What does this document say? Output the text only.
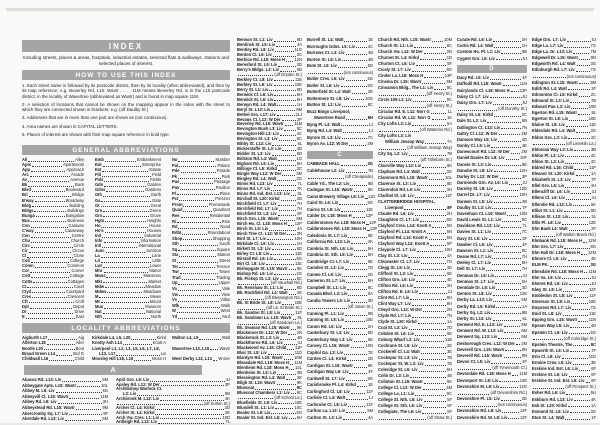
INDEX
Including streets, places & areas, hospitals, industrial estates, selected flats & walkways, stations and selected places of interest.
HOW TO USE THIS INDEX
1. Each street name is followed by its postcode district, then by its locality (often abbreviated), and then by its map reference; e.g. Beverley Rd. L15: Wavtr . . . . 11M means Beverley Rd. is in the L15 postcode district, in the locality of Wavertree (abbreviated as Wavtr) and is found in map square 11M.
2. A selection of locations that cannot be shown on the mapping appear in the index with the street to which they are connected shown in brackets; e.g. (off Daulby St.)
3. Addresses that are in more than one part are shown as (not continuous).
4. Area names are shown in CAPITAL LETTERS.
5. Places of interest are shown with their map square reference in bold type.
GENERAL ABBREVIATIONS
All	Alley
Apts	Apartments
App	Approach
Arc	Arcade
Av	Avenue
Bk	Back
Blvd	Boulevard
Bri	Bridge
B'way	Broadway
Bldg	Building
Bldgs	Buildings
Bunga	Bungalow
Bus	Business
Cvn	Caravan
C'way	Causeway
Cen	Centre
Chu	Church
Circ	Circle
Cir	Circus
Cl	Close
Coll	College
Comn	Common
Cor	Corner
Cott	Cottage
Cotts	Cottages
Ct	Court
Ctyd	Courtyard
Cres	Crescent
Cft	Croft
Dpt	Depot
Dr	Drive
E	East
Emb	Embankment
Ent	Enterprise
Est	Estate
Fld	Field
Flds	Fields
Gdn	Garden
Gdns	Gardens
Gth	Garth
Ga	Gate
Gt	Great
Grn	Green
Gro	Grove
Hgts	Heights
Ho	House
Ho's	Houses
Ind	Industrial
Info	Information
Intl	International
Junc	Junction
La	Lane
Lit	Little
Lwr	Lower
Mnr	Manor
Mans	Mansions
Mkt	Market
Mdw	Meadow
Mdws	Meadows
M	Mews
Mt	Mount
Mus	Museum
Nat	National
Nth	North
No	Number
Pal	Palace
Pde	Parade
Pk	Park
Pas	Passage
Pav	Pavilion
Pl	Place
Pct	Precinct
Prom	Promenade
Quad	Quadrant
Res	Residential
Ri	Rise
Rd	Road
Rdbt	Roundabout
Shop	Shopping
Sth	South
Sq	Square
Sta	Station
St	Street
Ter	Terrace
Twr	Tower
Trad	Trading
Up	Upper
Va	Vale
Vw	View
Vs	Villas
Wlk	Walk
W	West
Yd	Yard
LOCALITY ABBREVIATIONS
Aigburth L17	Aig
Allerton L18	Aller
Bootle L20	Boot
Broad Green L14	Brd G
Childwall L16	Child
Kirkdale L4, L5, L20	Kirkd
Knotty Ash L14	Knott A
Liverpool L1, L2, L3, L5, L6, L7, L8,
L13, L17	Liv
Mossley Hill L18, L19	Moss H
Walton L4, L9	Walt
Wavertree L13, L15	Wavtr
West Derby L12, L13 W Der
A
Abacus Rd. L13: Liv	5M
Abbeygate Apts. L15: Wavtr	10L
Abbey M. L6: Liv	5G
Abbeyvill Cl. L15: Wavtr	11M
Abbey Rd. L6: Liv	3H
Abbeystead Rd. L15: Wavtr	9M
Abercromby Sq. L7: Liv	9F
Aberdale Rd. L13: Liv	6M
April Gro. L6: Liv	4J
Apsley Rd. L12: W Der	3P
Archbishop Warlock Ct.
L3: Liv	5B
Archbrook M. L13: Liv	4K
(off Sutton St.)
Archer Cl. L4: Kirkd	2D
Archer St. L4: Kirkd	2E
Arch Vw. Cres. L1: Liv	10D
Ardleigh Rd. L13: Liv	7L
Benson St. L1: Liv	9D
Bentinck St. L5: Liv	4A
Bentley Rd. L8: Liv	11G
Benton Cl. L5: Liv	3C
Berbice Rd. L18: Moss H 12N
Beresford St. L5: Liv	3D
Berry's Bldgs. L3: Liv	5B
(off Dryden St.)
Berkley Ct. L8: Liv	11E
Berkley St. L8: Liv	10E
Berry St. L1: Liv	9D
Berwick Cl. L6: Liv	5H
Berwick St. L6: Liv	5H
Berwyn Rd. L4: Walt	1H
Beryl St. L13: Liv	8M
Bethel Gro. L17: Liv	11J
Bevans Ct. L12: W Der	2P
Beverley Rd. L15: Wavtr	11M
Bevington Bush L3: Liv	5C
Bevington Hill L3: Liv	4C
Bevington St. L3: Liv	5C
Bibby St. L13: Liv	8L
Bickerstaffe St. L3: Liv	4D
Bidder St. L3: Liv	6D
Bidston Rd. L4: Walt	1G
Bigham Rd. L6: Liv	5H
Billinge Cl. L5: Kirkd	3C
Bingle Way L12: W Der	3M
Bingley Rd. L4: Walt	2G
Binns Rd. L13: Liv	7L
Binns Rd. L7: Liv	7K
Binns Rd. Ind. Est. L13: Liv 8L
Birchall St. L20: Kirkd	2B
Birchfield Cl. L7: Liv	7H
Birchfield Rd. L7: Liv	7H
Birchfield St. L3: Liv	6F
Birch Gro. L15: Wavtr	8M
Birch Ho. Cl. L18: Moss H 12P
Birch St. L5: Liv	4A
Birch Tree Ct. L12: W Der	3N
Bird St. L7: Liv	10H
Birkdale Cl. L6: Liv	1H
Birkett St. L3: Liv	6D
Birley Ct. L8: Liv	11E
Birstall Rd. L6: Liv	5G
Birt Cl. L8: Liv	11E
Bishopgate St. L15: Wavtr 8K
Bishop Rd. L6: Liv	2G
Bk. Pickop St. L3: Liv	5C
(off Vauxhall Rd.)
Bk. Renshaw St. L1: Liv	9D
Bk. Rockfield Rd. L4: Walt 2E
(off Blessington Rd.)
Bk. St Bride St. L8: Liv	10E
(off Lit. St Bride St.)
Bk. Sandon St. L8: Liv	11F
Bk. Sandown La. L15: Wavtr 8L
(off Sandown La.)
Bk. Seaman Rd. L15: Wavtr 9K
Blackmoor Dr. L12: W Der 2N
Blackstock St. L3: Liv	4B
Blackthorne Rd. L6: Liv	4J
Blackwood Av. L16: Child 11P
Blair St. L8: Liv	11D
Blantyre Rd. L15: Wavtr	10M
Bleasdale Rd. L18: Moss H 11M
Blenheim Rd. L18: Moss H 12L
Blenheim St. L5: Liv	3B
Blessington Rd. L4: Walt	2E
Bligh St. L15: Wavtr	9K
Bluecoat	9C
Bluecoat Chambers L1: Liv 9C
(off School La.)
Bluefields St. L8: Liv	10E
Blundell St. L1: Liv	10C
Boaler St. L6: Liv	5G
Boaler St. Ind. Est. L6: Liv 6H
Burrell St. L4: Walt	1E
Burroughs Gdns. L5: Liv	4C
Burrows Ct. L3: Liv	4B
Burton St. L5: Liv	4B
Bute St. L5: Liv	5D
(not continuous)
Butler Cres. L6: Liv	5G
Butler St. L6: Liv	5G
Butterfield St. L4: Walt	2E
Buttermere St. L8: Liv	10G
Button St. L2: Liv	8C
Buzz Bingo Liverpool,
Wavertree Road	8H
Byng Pl. L4: Walt	1J
Byng Rd. L4: Walt	1J
Byrom St. L3: Liv	7C
Byron Av. L12: W Der	2M
C
CABBAGE HALL	3G
Cablehouse L2: Liv	7B
(off Cheapside)
Cable Yd., The L2: Liv	8B
Cadogan St. L15: Wavtr	8K
Cains Brewery Village L8: Liv 11D
Caird St. L6: Liv	5G
Cairns St. L8: Liv	11E
Calder Dr. L18: Moss H	12P
Calderstones Av. L18: Moss H 12P
Calderstones Rd. L18: Moss H 13P
Caledonia St. L7: Liv	9E
California Rd. L13: Liv	2K
Cambria St. Nth. L6: Liv	5H
Cambria St. Sth. L6: Liv	5H
Cambridge Ct. L7: Liv	9E
Camden St. L3: Liv	7D
Cameo Cl. L6: Liv	3G
Cameron St. L7: Liv	8H
Campbell St. L1: Liv	9C
Canada Blvd. L3: Liv	8A
Candia Towers L5: Liv	3D
(off Jason St.)
Canning Pl. L1: Liv	9B
Canning St. L8: Liv	10E
Canon Rd. L6: Liv	2H
Canterbury St. L3: Liv	6D
Canterbury Way L3: Liv	6E
Canvey Cl. L15: Wavtr	10N
Capitol Ga. L3: Liv	7E
Carden Cl. L4: Kirkd	2D
Cardigan St. L15: Wavtr	8K
Cardigan Way L6: Liv	4F
Cardwell St. L7: Liv	9G
Carisbrooke Pl. L4: Kirkd	1E
Carlingford Cl. L8: Liv	11F
Carlisle Cl. L4: Walt	1J
Carlsruhe Ct. L8: Liv	11F
Carlton La. L13: Liv	5M
Carlton St. L3: Liv	4A
Church Rd. Nth. L15: Wavtr	10M
Church St. L1: Liv	8C
Church Vw. L12: W Der	2N
Churnet St. L4: Kirkd	1D
Churton Ct. L6: Liv	5F
Cicely St. L7: Liv	8G
Cinder La. L18: Moss H	13P
Cinema Dr. L15: Wavtr	9M
Cinnamon Bldg., The L1: Liv	9C
(off Henry St.)
Circle 109 L1: Liv	9C
(off Henry St.)
Circular Rd. E. L11: Norr G	1L
Circular Rd. W. L11: Norr G	1K
City Lofts L3: Liv	6A
(off Waterloo Rd.)
City Lofts L3: Liv
William Jessop Way	7A
(off William Jessop Way)
City Sq. L2: Liv	7B
(off Tithebarn St.)
Clairville Way L13: Liv	6K
Clapham Rd. L4: Walt	3G
Claremont Rd. L15: Wavtr	10L
Clarence St. L3: Liv	8E
Clarendon Rd. L6: Liv	3H
Claribel St. L8: Liv	11F
CLATTERBRIDGE HOSPITAL,
Liverpool	8F
Claude Rd. L6: Liv	2H
Claughton Cl. L7: Liv	8G
Clayford Cres. L14: Knott A	5N
Clayford Pl. L14: Knott A	5N
Clayford Rd. L14: Knott A	5N
Clayford Way L14: Knott A	5P
Claypole Cl. L7: Liv	10H
Clay St. L3: Liv	4A
Clearwater Cl. L7: Liv	7G
Clegg St. L5: Liv	4D
Clifford St. L3: Liv	6E
Clifton Gro. L6: Liv	4E
Clifton Rd. L6: Liv	3H
Clifton Rd. E. L6: Liv	2J
Clint Rd. L7: Liv	8H
Clint Way L7: Liv	8H
Clwyd Gro. L12: W Der	2N
Clyde Rd. L7: Liv	7N
Clyde St. L20: Kirkd	1A
Coal St. L3: Liv	7D
Cobden St. L6: Liv	6E
Coburg Wharf L3: Liv	11B
Cochrane St. L5: Liv	2E
Cockerell Cl. L4: Walt	3E
Cockspur St. L3: Liv	7B
Cockspur St. W. L3: Liv	7B
Coleridge St. L6: Liv	6H
Colin Dr. L3: Liv	4B
Colinton St. L15: Wavtr	8K
College Cl. L12: W Der	4M
College La. L1: Liv	9C
College St. Nth. L6: Liv	5F
College St. Sth. L6: Liv	6F
Collegiate, The L6: Liv	6F
(off Shaw St.)
Curate Rd. L6: Liv	2H
Curtis Rd. L4: Walt	1H
Custom Ho. Pl. L1: Liv	9B
Cygnet Gro. L6: Liv	5J
D
Dacy Rd. L5: Liv	4F
Daffodil Rd. L15: Wavtr	11N
Dairylands Cl. L18: Moss H 13P
Daisy Cl. L7: Liv	8J
Daisy Gro. L7: Liv	8J
(off Dorothy St.)
Daisy St. L5: Kirkd	2C
Dale St. L2: Liv	8B
Dallington Ct. L13: Liv	7N
Daltry Cl. L12: W Der	2M
Damson Way L5: Liv	4D
Danby Cl. L5: Liv	4E
Danescourt Rd. L12: W Der	2M
Daniel Davies Dr. L8: Liv	10F
Dansie St. L3: Liv	8E
Danube St. L8: Liv	12H
Darley Dr. L12: W Der	3P
Darmonds Grn. Av. L6: Liv	2J
Darnley St. L8: Liv	12D
Darrel Dr. L7: Liv	10H
Darwen St. L5: Liv	4B
Daulby St. L3: Liv	7F
Davenham Ct. L15: Wavtr	10N
David Lewis St. L1: Liv	9C
Davidson Rd. L13: Liv	7L
Davies St. L1: Liv	7C
Davy St. L5: Liv	3F
Dawber Cl. L6: Liv	4F
Dawson St. L1: Liv	8C
Deane Rd. L7: Liv	7H
Deeley Cl. L7: Liv	8H
Dell St. L7: Liv	7H
Denman Dr. L6: Liv	4J
Denman St. L7: Liv	6H
Dentdale Dr. L5: Liv	3D
Denton St. L8: Liv	12E
Derby La. L13: Liv	5M
Derby Rd. L5: Kirkd	1A
Derby Sq. L2: Liv	9B
Derby St. L13: Liv	6L
Derwent Rd. E. L13: Liv	6M
Derwent Rd. W. L13: Liv	6M
Derwent Sq. L13: Liv	6M
Desborough Cres. L12: W Der 2M
Deverell Gro. L15: Wavtr	8N
Deverell Rd. L15: Wavtr	9N
Devon Ct. L5: Liv	4F
(off Tynemouth Cl.)
Devondale Rd. L18: Moss H 11M
Devonport St. L8: Liv	12E
Devonshire M. L8: Liv	12G
(off Devonshire Rd.)
Devonshire Pl. L5: Liv	3D
(not continuous)
Devonshire Rd. L8: Liv	12F
Devonshire Rd. W. L8: Liv	12F
Edge Gro. L7: Liv	6J
Edge La. L7: Liv	7G
Edge La. Dr. L13: Liv	7M
Edgewell Dr. L15: Wavtr	9N
Edgworth Rd. L4: Walt	3G
Edinburgh Rd. L7: Liv	7G
(not continuous)
Edington St. L15: Wavtr	9M
Edith Rd. L4: Walt	3F
Edmonton Cl. L5: Kirkd	2C
Edmund St. L3: Liv	7B
Edward Pav. L3: Liv	10B
Egerton Rd. L15: Wavtr	8L
Egerton St. L8: Liv	10E
Elaine St. L8: Liv	11E
Elderdale Rd. L4: Walt	3G
Eldon Gro. L3: Liv	4C
(off Limekiln La.)
Eldonian Way L3: Liv	3B
Eldon Pl. L3: Liv	4C
Eldon St. L3: Liv	4C
Eldred Rd. L16: Child	11P
Eleanor St. L20: Kirkd	1A
Elizabeth St. L3: Liv	7F
Ellel Gro. L6: Liv	4H
Ellencliff Dr. L6: Liv	3J
Ellens Cl. L6: Liv	4J
Ellerslie Rd. L13: Liv	5K
Elliot St. L1: Liv	8D
Ellison St. L13: Liv	5L
Ellis Pl. L8: Liv	12E
Elm Bank L4: Walt	2F
(off Walton Breck Rd.)
Elmbank Rd. L18: Moss H 12M
Elm Gro. L7: Liv	8G
Elm Hall Dr. L18: Moss H 12M
Elmore Cl. L5: Liv	4E
ELM PK.	3G
Elmsdale Rd. L18: Moss H 11M
Elm Va. L6: Liv	5J
Elstree Rd. L6: Liv	5J
Elwy St. L8: Liv	12F
Embledon St. L8: Liv	11F
Emerson St. L8: Liv	10E
Empress Rd. L7: Liv	7G
Enid St. L8: Liv	11E
Epping Gro. L15: Wavtr	11N
Epsom Way L5: Liv	4D
Epstein Ct. L6: Liv	5G
(off Coleridge St.)
Epstein Theatre, The	9C
Epworth St. L6: Liv	7F
Erin Cl. L8: Liv	11D
Ermine Cres. L5: Liv	3E
Erskine Ind. Est. L6: Liv	6F
Erskine St. L6: Liv	6F
Erskine St. Ind. Est. L6: Liv 6F
(off Prospect St.)
Esher Rd. L6: Liv	5H
Eskburn Rd. L13: Liv	4K
Esk St. L20: Kirkd	1A
Esmond St. L6: Liv	3G
Eton St. L4: Walt	1F
